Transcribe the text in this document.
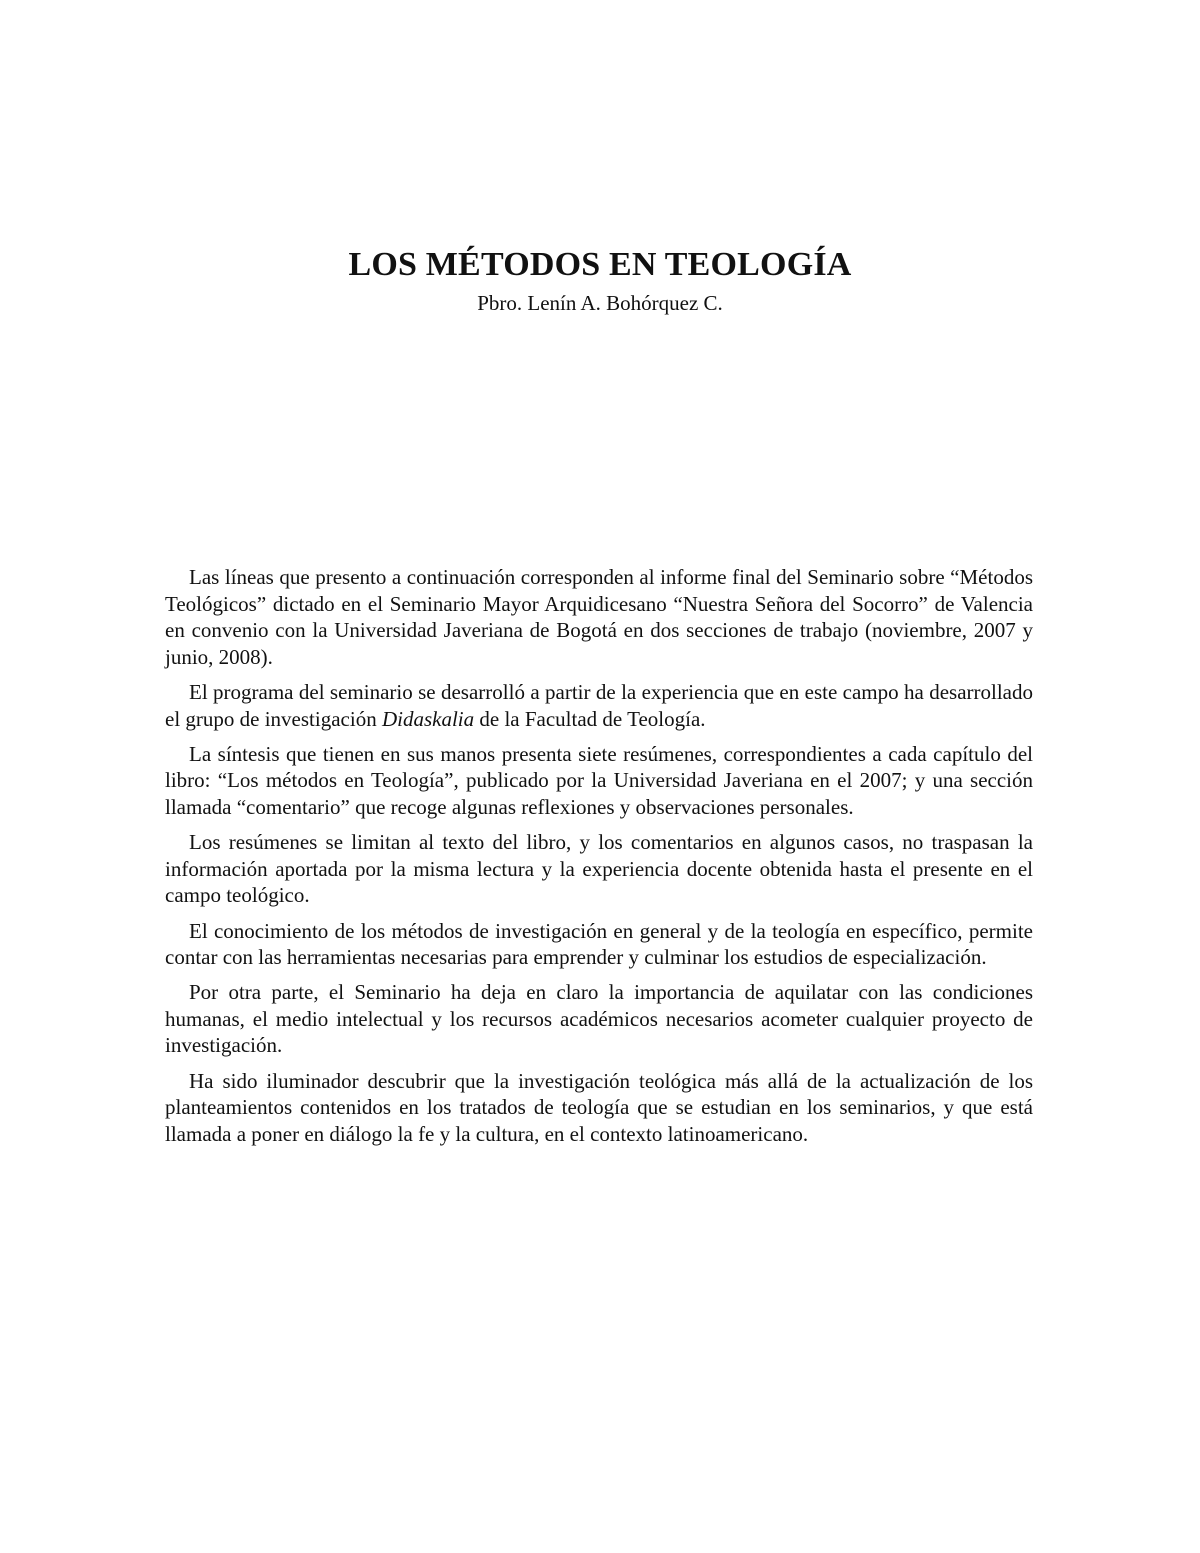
LOS MÉTODOS EN TEOLOGÍA
Pbro. Lenín A. Bohórquez C.

Las líneas que presento a continuación corresponden al informe final del Seminario sobre “Métodos Teológicos” dictado en el Seminario Mayor Arquidicesano “Nuestra Señora del Socorro” de Valencia en convenio con la Universidad Javeriana de Bogotá en dos secciones de trabajo (noviembre, 2007 y junio, 2008).

El programa del seminario se desarrolló a partir de la experiencia que en este campo ha desarrollado el grupo de investigación Didaskalia de la Facultad de Teología.

La síntesis que tienen en sus manos presenta siete resúmenes, correspondientes a cada capítulo del libro: “Los métodos en Teología”, publicado por la Universidad Javeriana en el 2007; y una sección llamada “comentario” que recoge algunas reflexiones y observaciones personales.

Los resúmenes se limitan al texto del libro, y los comentarios en algunos casos, no traspasan la información aportada por la misma lectura y la experiencia docente obtenida hasta el presente en el campo teológico.

El conocimiento de los métodos de investigación en general y de la teología en específico, permite contar con las herramientas necesarias para emprender y culminar los estudios de especialización.

Por otra parte, el Seminario ha deja en claro la importancia de aquilatar con las condiciones humanas, el medio intelectual y los recursos académicos necesarios acometer cualquier proyecto de investigación.

Ha sido iluminador descubrir que la investigación teológica más allá de la actualización de los planteamientos contenidos en los tratados de teología que se estudian en los seminarios, y que está llamada a poner en diálogo la fe y la cultura, en el contexto latinoamericano.
